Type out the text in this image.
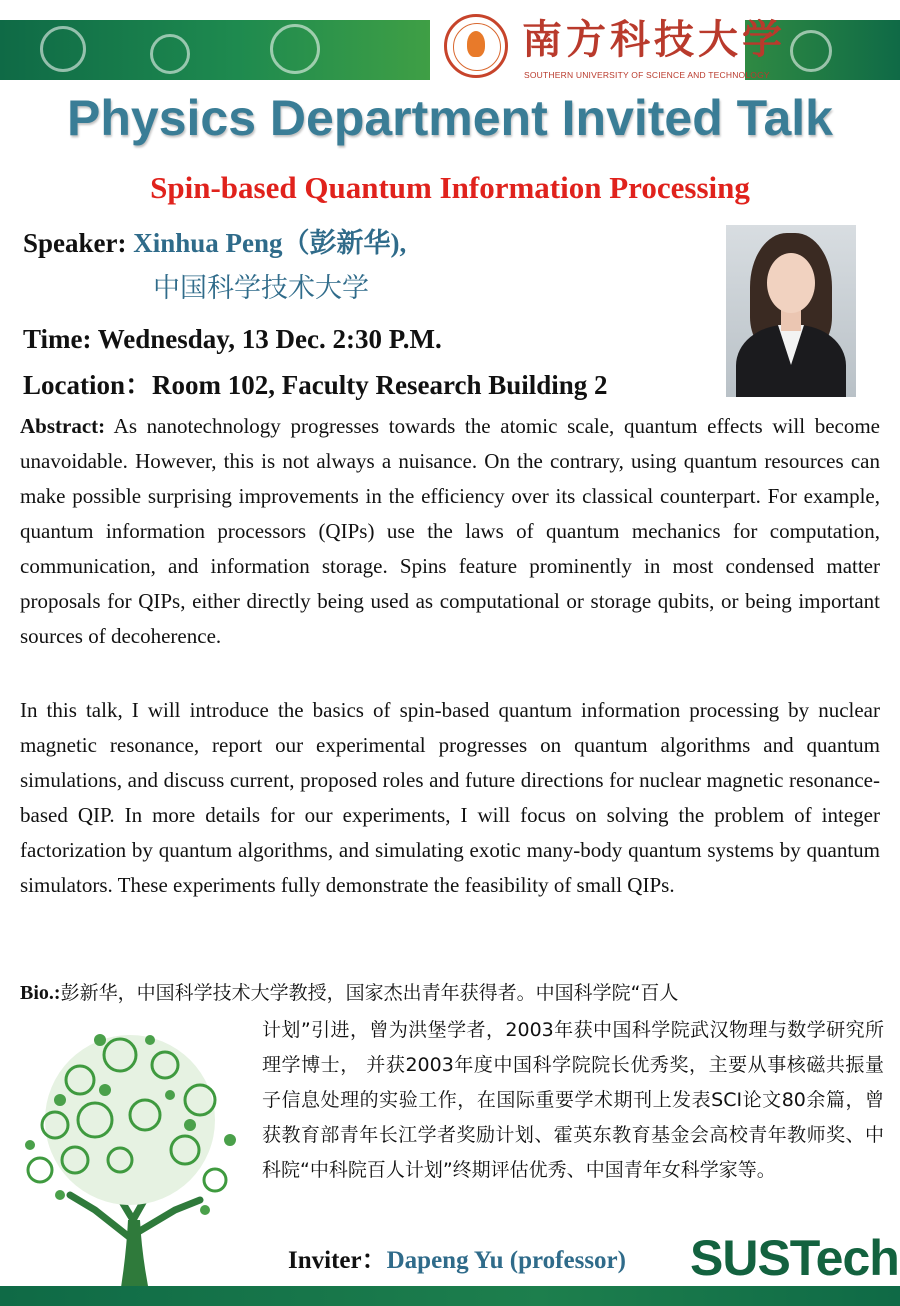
南方科技大学
SOUTHERN UNIVERSITY OF SCIENCE AND TECHNOLOGY
Physics Department Invited Talk
Spin-based Quantum Information Processing
Speaker: Xinhua Peng（彭新华),
中国科学技术大学
Time: Wednesday, 13 Dec. 2:30 P.M.
Location：Room 102, Faculty Research Building 2

Abstract: As nanotechnology progresses towards the atomic scale, quantum effects will become unavoidable. However, this is not always a nuisance. On the contrary, using quantum resources can make possible surprising improvements in the efficiency over its classical counterpart. For example, quantum information processors (QIPs) use the laws of quantum mechanics for computation, communication, and information storage. Spins feature prominently in most condensed matter proposals for QIPs, either directly being used as computational or storage qubits, or being important sources of decoherence.

In this talk, I will introduce the basics of spin-based quantum information processing by nuclear magnetic resonance, report our experimental progresses on quantum algorithms and quantum simulations, and discuss current, proposed roles and future directions for nuclear magnetic resonance-based QIP. In more details for our experiments, I will focus on solving the problem of integer factorization by quantum algorithms, and simulating exotic many-body quantum systems by quantum simulators. These experiments fully demonstrate the feasibility of small QIPs.

Bio.:彭新华，中国科学技术大学教授，国家杰出青年获得者。中国科学院“百人

计划”引进，曾为洪堡学者，2003年获中国科学院武汉物理与数学研究所理学博士， 并获2003年度中国科学院院长优秀奖，主要从事核磁共振量子信息处理的实验工作，在国际重要学术期刊上发表SCI论文80余篇，曾获教育部青年长江学者奖励计划、霍英东教育基金会高校青年教师奖、中科院“中科院百人计划”终期评估优秀、中国青年女科学家等。

Inviter：Dapeng Yu (professor) SUSTech
